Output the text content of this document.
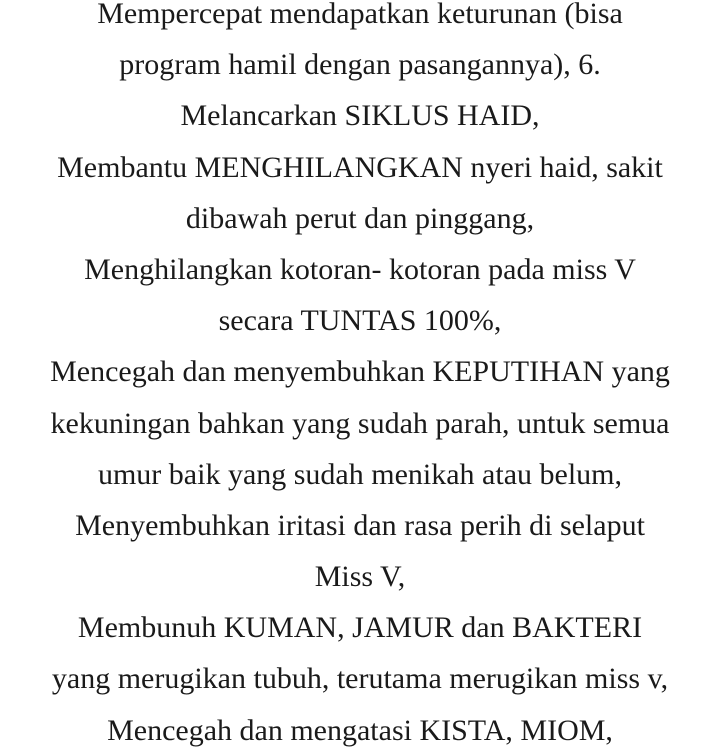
Mempercepat mendapatkan keturunan (bisa
program hamil dengan pasangannya), 6.
Melancarkan SIKLUS HAID,
Membantu MENGHILANGKAN nyeri haid, sakit
dibawah perut dan pinggang,
Menghilangkan kotoran- kotoran pada miss V
secara TUNTAS 100%,
Mencegah dan menyembuhkan KEPUTIHAN yang
kekuningan bahkan yang sudah parah, untuk semua
umur baik yang sudah menikah atau belum,
Menyembuhkan iritasi dan rasa perih di selaput
Miss V,
Membunuh KUMAN, JAMUR dan BAKTERI
yang merugikan tubuh, terutama merugikan miss v,
Mencegah dan mengatasi KISTA, MIOM,
